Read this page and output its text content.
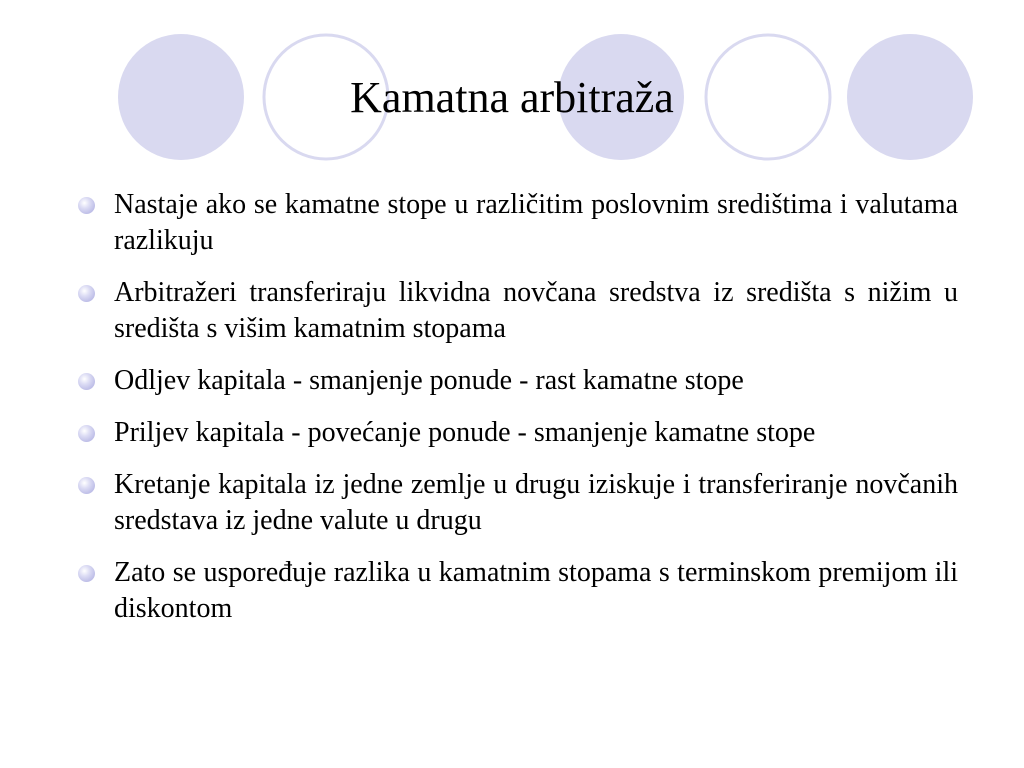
Kamatna arbitraža
Nastaje ako se kamatne stope u različitim poslovnim središtima i valutama razlikuju
Arbitražeri transferiraju likvidna novčana sredstva iz središta s nižim u središta s višim kamatnim stopama
Odljev kapitala - smanjenje ponude - rast kamatne stope
Priljev kapitala - povećanje ponude - smanjenje kamatne stope
Kretanje kapitala iz jedne zemlje u drugu iziskuje i transferiranje novčanih sredstava iz jedne valute u drugu
Zato se uspoređuje razlika u kamatnim stopama s terminskom premijom ili diskontom
